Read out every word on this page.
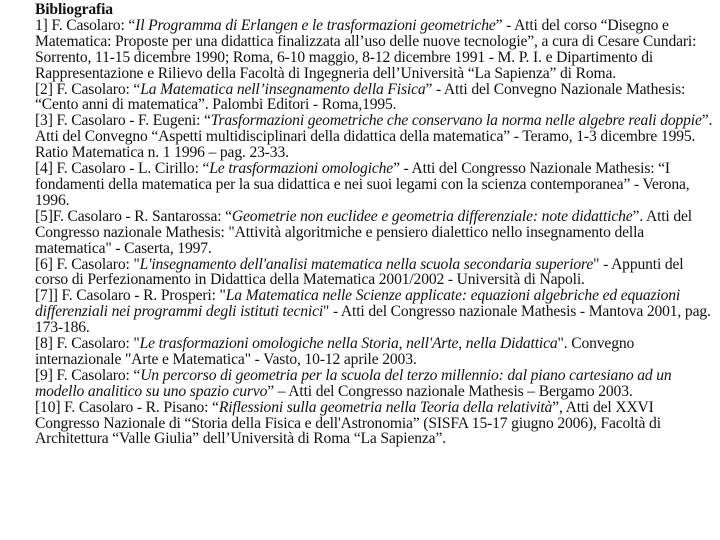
Bibliografia

1] F. Casolaro: “Il Programma di Erlangen e le trasformazioni geometriche” - Atti del corso “Disegno e Matematica: Proposte per una didattica finalizzata all’uso delle nuove tecnologie”, a cura di Cesare Cundari: Sorrento, 11-15 dicembre 1990; Roma, 6-10 maggio, 8-12 dicembre 1991 - M. P. I. e Dipartimento di Rappresentazione e Rilievo della Facoltà di Ingegneria dell’Università “La Sapienza” di Roma.

[2] F. Casolaro: “La Matematica nell’insegnamento della Fisica” - Atti del Convegno Nazionale Mathesis: “Cento anni di matematica”. Palombi Editori - Roma,1995.

[3] F. Casolaro - F. Eugeni: “Trasformazioni geometriche che conservano la norma nelle algebre reali doppie”. Atti del Convegno “Aspetti multidisciplinari della didattica della matematica” - Teramo, 1-3 dicembre 1995. Ratio Matematica n. 1 1996 – pag. 23-33.

[4] F. Casolaro - L. Cirillo: “Le trasformazioni omologiche” - Atti del Congresso Nazionale Mathesis: “I fondamenti della matematica per la sua didattica e nei suoi legami con la scienza contemporanea” - Verona, 1996.

[5]F. Casolaro - R. Santarossa: “Geometrie non euclidee e geometria differenziale: note didattiche”. Atti del Congresso nazionale Mathesis: "Attività algoritmiche e pensiero dialettico nello insegnamento della matematica" - Caserta, 1997.

[6] F. Casolaro: "L'insegnamento dell'analisi matematica nella scuola secondaria superiore" - Appunti del corso di Perfezionamento in Didattica della Matematica 2001/2002 - Università di Napoli.

[7]] F. Casolaro - R. Prosperi: "La Matematica nelle Scienze applicate: equazioni algebriche ed equazioni differenziali nei programmi degli istituti tecnici" - Atti del Congresso nazionale Mathesis - Mantova 2001, pag. 173-186.

[8] F. Casolaro: "Le trasformazioni omologiche nella Storia, nell'Arte, nella Didattica". Convegno internazionale "Arte e Matematica" - Vasto, 10-12 aprile 2003.

[9] F. Casolaro: “Un percorso di geometria per la scuola del terzo millennio: dal piano cartesiano ad un modello analitico su uno spazio curvo” – Atti del Congresso nazionale Mathesis – Bergamo 2003.

[10] F. Casolaro - R. Pisano: “Riflessioni sulla geometria nella Teoria della relatività”, Atti del XXVI Congresso Nazionale di “Storia della Fisica e dell'Astronomia” (SISFA 15-17 giugno 2006), Facoltà di Architettura “Valle Giulia” dell’Università di Roma “La Sapienza”.
